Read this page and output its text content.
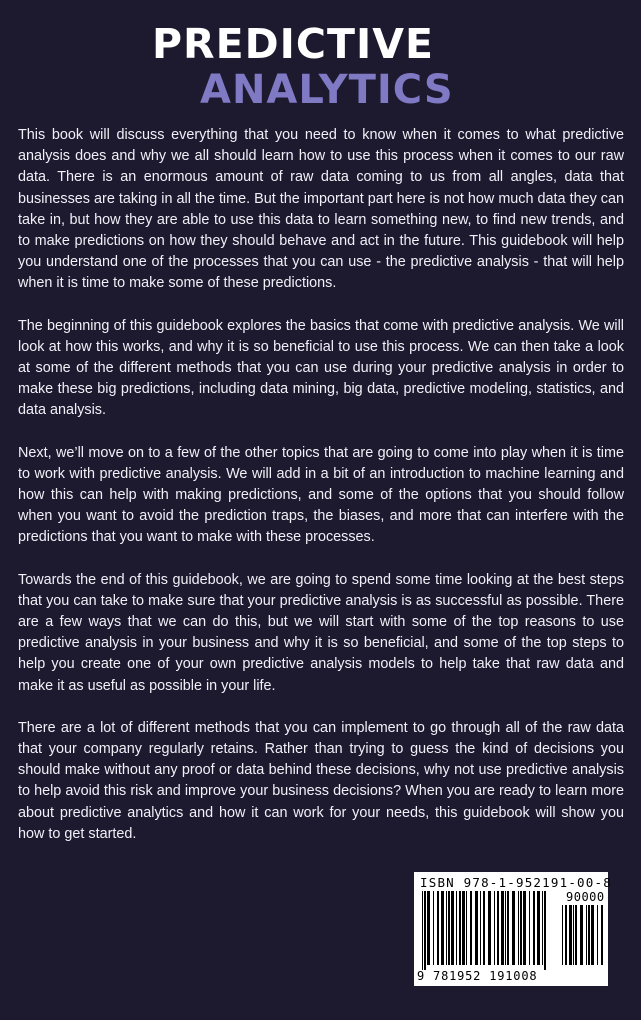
PREDICTIVE
ANALYTICS

This book will discuss everything that you need to know when it comes to what predictive analysis does and why we all should learn how to use this process when it comes to our raw data. There is an enormous amount of raw data coming to us from all angles, data that businesses are taking in all the time. But the important part here is not how much data they can take in, but how they are able to use this data to learn something new, to find new trends, and to make predictions on how they should behave and act in the future. This guidebook will help you understand one of the processes that you can use - the predictive analysis - that will help when it is time to make some of these predictions.

The beginning of this guidebook explores the basics that come with predictive analysis. We will look at how this works, and why it is so beneficial to use this process. We can then take a look at some of the different methods that you can use during your predictive analysis in order to make these big predictions, including data mining, big data, predictive modeling, statistics, and data analysis.

Next, we’ll move on to a few of the other topics that are going to come into play when it is time to work with predictive analysis. We will add in a bit of an introduction to machine learning and how this can help with making predictions, and some of the options that you should follow when you want to avoid the prediction traps, the biases, and more that can interfere with the predictions that you want to make with these processes.

Towards the end of this guidebook, we are going to spend some time looking at the best steps that you can take to make sure that your predictive analysis is as successful as possible. There are a few ways that we can do this, but we will start with some of the top reasons to use predictive analysis in your business and why it is so beneficial, and some of the top steps to help you create one of your own predictive analysis models to help take that raw data and make it as useful as possible in your life.

There are a lot of different methods that you can implement to go through all of the raw data that your company regularly retains. Rather than trying to guess the kind of decisions you should make without any proof or data behind these decisions, why not use predictive analysis to help avoid this risk and improve your business decisions? When you are ready to learn more about predictive analytics and how it can work for your needs, this guidebook will show you how to get started.

ISBN 978-1-952191-00-8
90000
9 781952 191008
